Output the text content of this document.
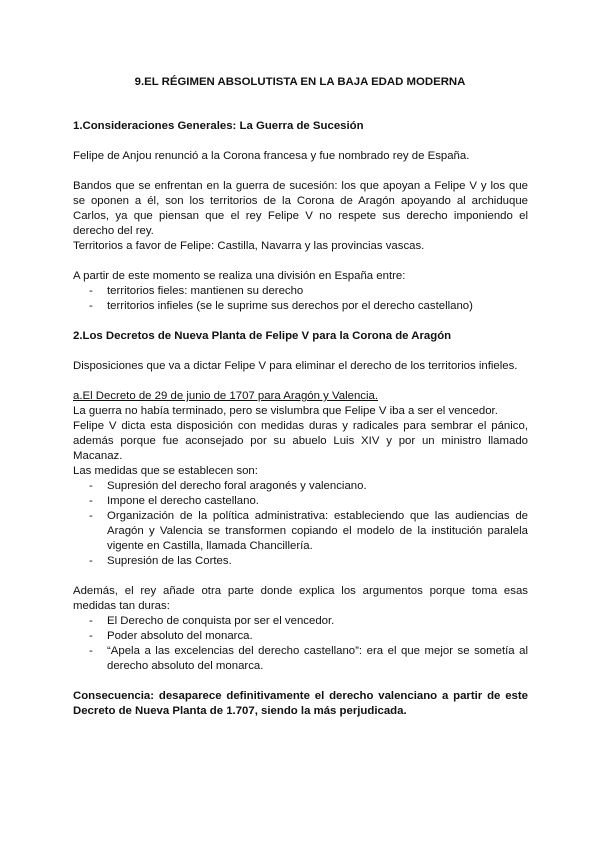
9.EL RÉGIMEN ABSOLUTISTA EN LA BAJA EDAD MODERNA

1.Consideraciones Generales: La Guerra de Sucesión

Felipe de Anjou renunció a la Corona francesa y fue nombrado rey de España.

Bandos que se enfrentan en la guerra de sucesión: los que apoyan a Felipe V y los que se oponen a él, son los territorios de la Corona de Aragón apoyando al archiduque Carlos, ya que piensan que el rey Felipe V no respete sus derecho imponiendo el derecho del rey.

Territorios a favor de Felipe: Castilla, Navarra y las provincias vascas.

A partir de este momento se realiza una división en España entre:

- territorios fieles: mantienen su derecho
- territorios infieles (se le suprime sus derechos por el derecho castellano)

2.Los Decretos de Nueva Planta de Felipe V para la Corona de Aragón

Disposiciones que va a dictar Felipe V para eliminar el derecho de los territorios infieles.

a.El Decreto de 29 de junio de 1707 para Aragón y Valencia.

La guerra no había terminado, pero se vislumbra que Felipe V iba a ser el vencedor.

Felipe V dicta esta disposición con medidas duras y radicales para sembrar el pánico, además porque fue aconsejado por su abuelo Luis XIV y por un ministro llamado Macanaz.

Las medidas que se establecen son:

- Supresión del derecho foral aragonés y valenciano.
- Impone el derecho castellano.
- Organización de la política administrativa: estableciendo que las audiencias de Aragón y Valencia se transformen copiando el modelo de la institución paralela vigente en Castilla, llamada Chancillería.
- Supresión de las Cortes.

Además, el rey añade otra parte donde explica los argumentos porque toma esas medidas tan duras:

- El Derecho de conquista por ser el vencedor.
- Poder absoluto del monarca.
- “Apela a las excelencias del derecho castellano”: era el que mejor se sometía al derecho absoluto del monarca.

Consecuencia: desaparece definitivamente el derecho valenciano a partir de este Decreto de Nueva Planta de 1.707, siendo la más perjudicada.
